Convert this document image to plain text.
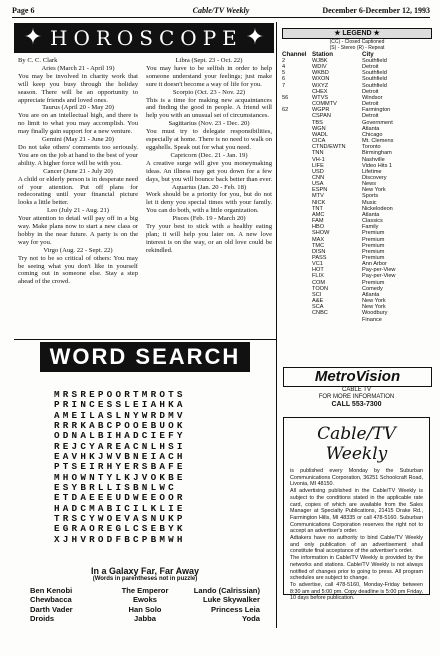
Page 6	Cable/TV Weekly	December 6-December 12, 1993
✦ HOROSCOPE ✦

By C. C. Clark

Aries (March 21 - April 19)

You may be involved in charity work that will keep you busy through the holiday season. There will be an opportunity to appreciate friends and loved ones.

Taurus (April 20 - May 20)

You are on an intellectual high, and there is no limit to what you may accomplish. You may finally gain support for a new venture.

Gemini (May 21 - June 20)

Do not take others' comments too seriously. You are on the job at hand to the best of your ability. A higher force will be with you.

Cancer (June 21 - July 20)

A child or elderly person is in desperate need of your attention. Put off plans for redecorating until your financial picture looks a little better.

Leo (July 21 - Aug. 21)

Your attention to detail will pay off in a big way. Make plans now to start a new class or hobby in the near future. A party is on the way for you.

Virgo (Aug. 22 - Sept. 22)

Try not to be so critical of others: You may be seeing what you don't like in yourself coming out in someone else. Stay a step ahead of the crowd.

Libra (Sept. 23 - Oct. 22)

You may have to be selfish in order to help someone understand your feelings; just make sure it doesn't become a way of life for you.

Scorpio (Oct. 23 - Nov. 22)

This is a time for making new acquaintances and finding the good in people. A friend will help you with an unusual set of circumstances.

Sagittarius (Nov. 23 - Dec. 20)

You must try to delegate responsibilities, especially at home. There is no need to walk on eggshells. Speak out for what you need.

Capricorn (Dec. 21 - Jan. 19)

A creative surge will give you moneymaking ideas. An illness may get you down for a few days, but you will bounce back better than ever.

Aquarius (Jan. 20 - Feb. 18)

Work should be a priority for you, but do not let it deny you special times with your family. You can do both, with a little organization.

Pisces (Feb. 19 - March 20)

Try your best to stick with a healthy eating plan; it will help you later on. A new love interest is on the way, or an old love could be rekindled.

★ LEGEND ★
(CC) - Closed Captioned
(S) - Stereo (R) - Repeat
Channel Station	City
2	WJBK	Southfield
4	WDIV	Detroit
5	WKBD	Southfield
6	WXON	Southfield
7	WXYZ	Southfield
CHEX	Detroit
56	WTVS	Windsor
COMMTV	Detroit
62	WGPR	Farmington
CSPAN	Detroit
TBS	Government
WGN	Atlanta
WADL	Chicago
CICA	Mt. Clemens
CTND/EWTN	Toronto
TNN	Birmingham
VH-1	Nashville
LIFE	Video Hits 1
USD	Lifetime
CNN	Discovery
USA	News
ESPN	New York
MTV	Sports
NICK	Music
TNT	Nickelodeon
AMC	Atlanta
FAM	Classics
HBO	Family
SHOW	Premium
MAX	Premium
TMC	Premium
DISN	Premium
PASS	Premium
VC1	Ann Arbor
HOT	Pay-per-View
FLIX	Pay-per-View
COM	Premium
TOON	Comedy
SCI	Atlanta
A&E	New York
SCA	New York
CNBC	Woodbury
Finance
MetroVision
CABLE TV
FOR MORE INFORMATION
CALL 553-7300
Cable/TV Weekly

is published every Monday by the Suburban Communications Corporation, 36251 Schoolcraft Road, Livonia, MI 48150.

All advertising published in the Cable/TV Weekly is subject to the conditions stated in the applicable rate card, copies of which are available from the Sales Manager at Specialty Publications, 21415 Drake Rd., Farmington Hills, MI 48335 or call 478-5160. Suburban Communications Corporation reserves the right not to accept an advertiser's order.

Adtakers have no authority to bind Cable/TV Weekly and only publication of an advertisement shall constitute final acceptance of the advertiser's order.

The information in Cable/TV Weekly is provided by the networks and stations. Cable/TV Weekly is not always notified of changes prior to going to press. All program schedules are subject to change.

To advertise, call 478-5160, Monday-Friday between 8:30 am and 5:00 pm. Copy deadline is 5:00 pm Friday, 10 days before publication.

WORD SEARCH
MRSREPOORTMROTS
PRINCESSLEIAHKA
AMEILASLNYWRDMV
RRRKABCPOOEBUOK
ODNALBIHADCIEFY
REJCYAREACNLHSI
EAVHKJWVBNEIACH
PTSEIRHYERSBAFE
MHOWNTYLKJVOKBE
ESYBRLLISBNLWC
ETDAEEEUDWEEOOR
HADCMABICILKLIE
TRSCYWOEVASNUKP
EGRAOREGLCSEBYK
XJHVRODFBCPBMWH
In a Galaxy Far, Far Away
(Words in parentheses not in puzzle)
Ben Kenobi	The Emperor	Lando (Calrissian)
Chewbacca	Ewoks	Luke Skywalker
Darth Vader	Han Solo	Princess Leia
Droids	Jabba	Yoda
